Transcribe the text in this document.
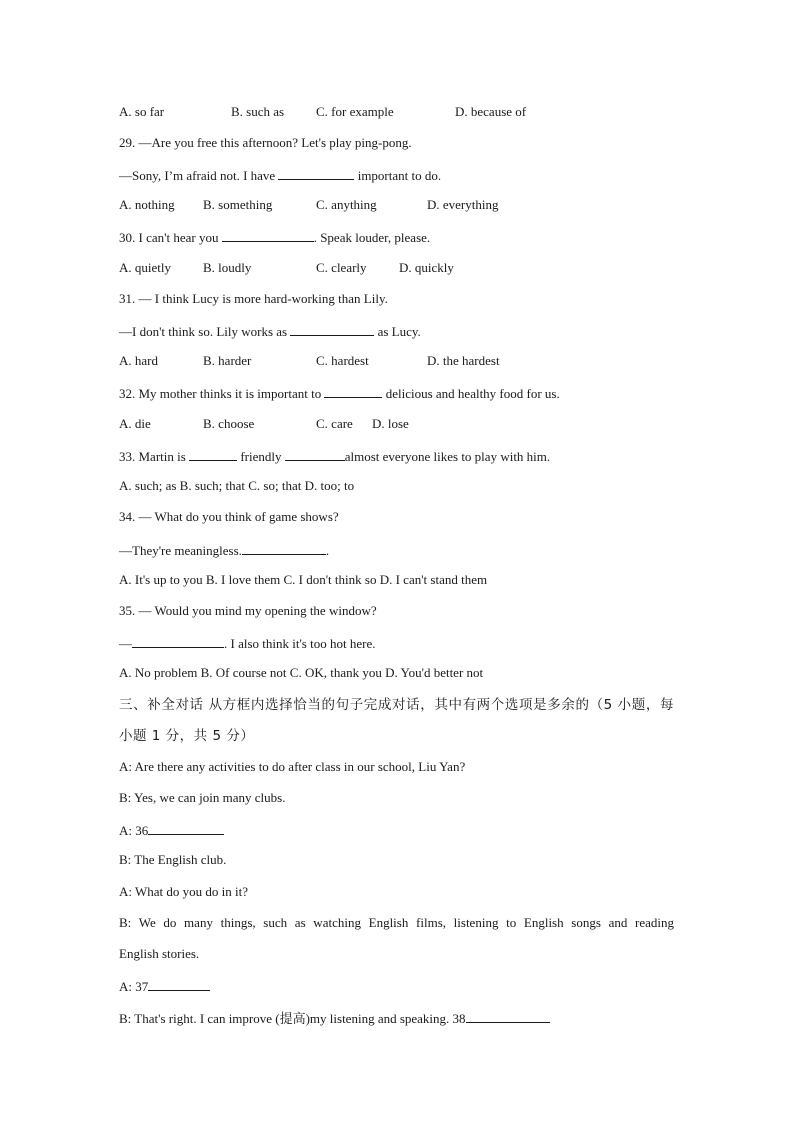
A. so far	B. such as C. for example	D. because of
29. —Are you free this afternoon? Let's play ping-pong.
—Sony, I’m afraid not. I have	important to do.
A. nothing B. something	C. anything	D. everything
30. I can't hear you	. Speak louder, please.
A. quietly B. loudly	C. clearly D. quickly
31. — I think Lucy is more hard-working than Lily.
—I don't think so. Lily works as	as Lucy.
A. hard	B. harder	C. hardest	D. the hardest
32. My mother thinks it is important to	delicious and healthy food for us.
A. die	B. choose	C. care D. lose
33. Martin is	friendly	almost everyone likes to play with him.
A. such; as B. such; that C. so; that D. too; to
34. — What do you think of game shows?
—They're meaningless.	.
A. It's up to you B. I love them C. I don't think so D. I can't stand them
35. — Would you mind my opening the window?
—	. I also think it's too hot here.
A. No problem B. Of course not C. OK, thank you D. You'd better not
三、补全对话 从方框内选择恰当的句子完成对话，其中有两个选项是多余的（5 小题，每
小题 1 分，共 5 分）
A: Are there any activities to do after class in our school, Liu Yan?
B: Yes, we can join many clubs.
A: 36
B: The English club.
A: What do you do in it?
B: We do many things, such as watching English films, listening to English songs and reading
English stories.
A: 37
B: That's right. I can improve (提高)my listening and speaking. 38
